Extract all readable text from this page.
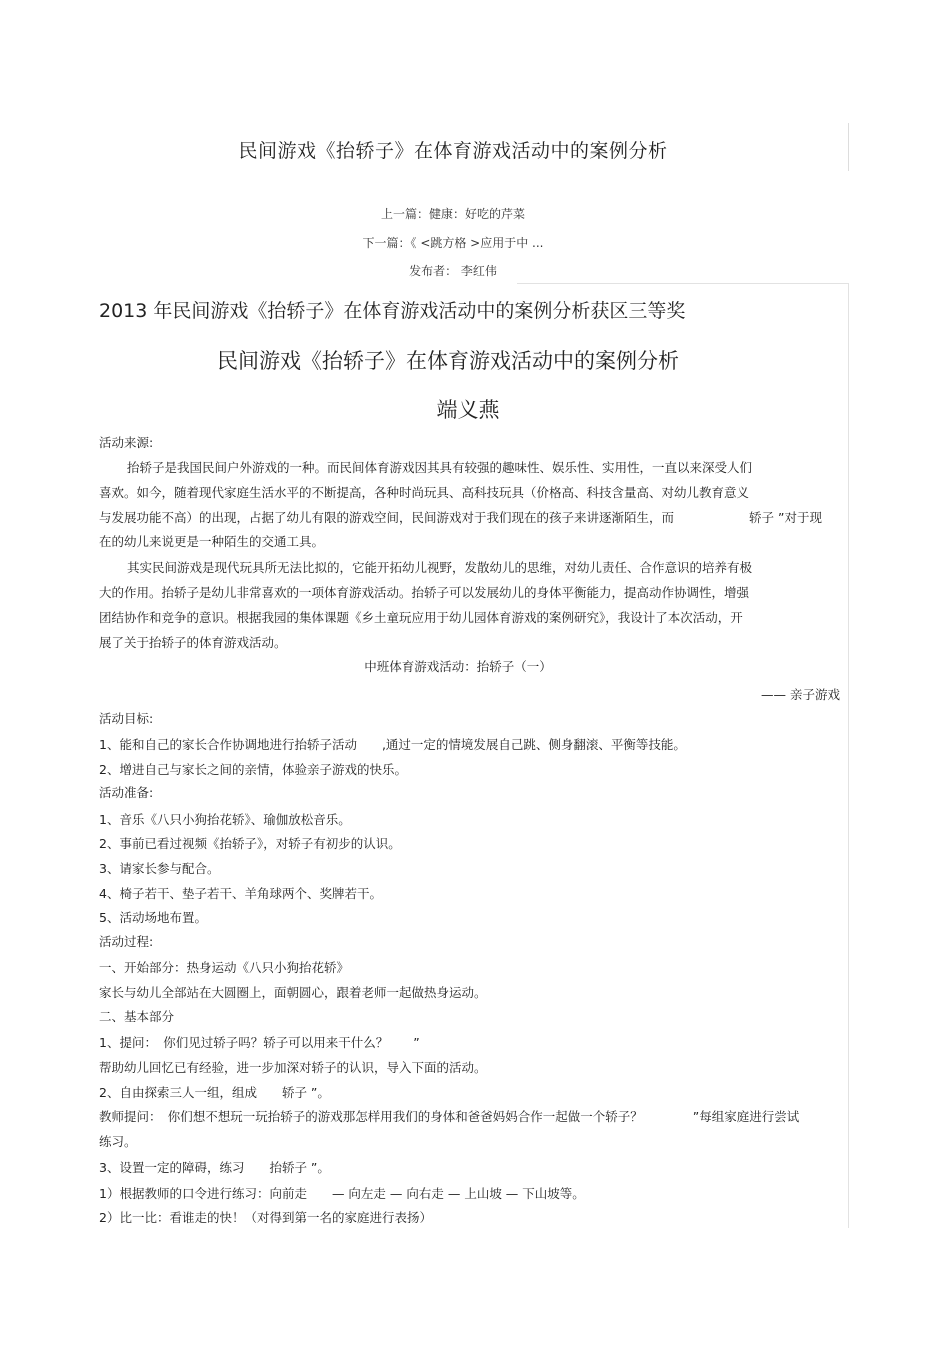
民间游戏《抬轿子》在体育游戏活动中的案例分析
上一篇：健康：好吃的芹菜
下一篇：《 <跳方格 >应用于中 ...
发布者： 李红伟
2013 年民间游戏《抬轿子》在体育游戏活动中的案例分析获区三等奖
民间游戏《抬轿子》在体育游戏活动中的案例分析
端义燕
活动来源:
抬轿子是我国民间户外游戏的一种。而民间体育游戏因其具有较强的趣味性、娱乐性、实用性，一直以来深受人们
喜欢。如今，随着现代家庭生活水平的不断提高，各种时尚玩具、高科技玩具（价格高、科技含量高、对幼儿教育意义
与发展功能不高）的出现，占据了幼儿有限的游戏空间，民间游戏对于我们现在的孩子来讲逐渐陌生，而　　　　　　轿子 ”对于现
在的幼儿来说更是一种陌生的交通工具。
其实民间游戏是现代玩具所无法比拟的，它能开拓幼儿视野，发散幼儿的思维，对幼儿责任、合作意识的培养有极
大的作用。抬轿子是幼儿非常喜欢的一项体育游戏活动。抬轿子可以发展幼儿的身体平衡能力，提高动作协调性，增强
团结协作和竞争的意识。根据我园的集体课题《乡土童玩应用于幼儿园体育游戏的案例研究》，我设计了本次活动，开
展了关于抬轿子的体育游戏活动。
中班体育游戏活动：抬轿子（一）
—— 亲子游戏
活动目标:
1、能和自己的家长合作协调地进行抬轿子活动　　,通过一定的情境发展自己跳、侧身翻滚、平衡等技能。
2、增进自己与家长之间的亲情，体验亲子游戏的快乐。
活动准备:
1、音乐《八只小狗抬花轿》、瑜伽放松音乐。
2、事前已看过视频《抬轿子》，对轿子有初步的认识。
3、请家长参与配合。
4、椅子若干、垫子若干、羊角球两个、奖牌若干。
5、活动场地布置。
活动过程:
一、开始部分：热身运动《八只小狗抬花轿》
家长与幼儿全部站在大圆圈上，面朝圆心，跟着老师一起做热身运动。
二、基本部分
1、提问：　你们见过轿子吗？轿子可以用来干什么？　　”
帮助幼儿回忆已有经验，进一步加深对轿子的认识，导入下面的活动。
2、自由探索三人一组，组成　　轿子 ”。
教师提问：　你们想不想玩一玩抬轿子的游戏那怎样用我们的身体和爸爸妈妈合作一起做一个轿子？　　　　”每组家庭进行尝试
练习。
3、设置一定的障碍，练习　　抬轿子 ”。
1）根据教师的口令进行练习：向前走　　— 向左走 — 向右走 — 上山坡 — 下山坡等。
2）比一比：看谁走的快！（对得到第一名的家庭进行表扬）
